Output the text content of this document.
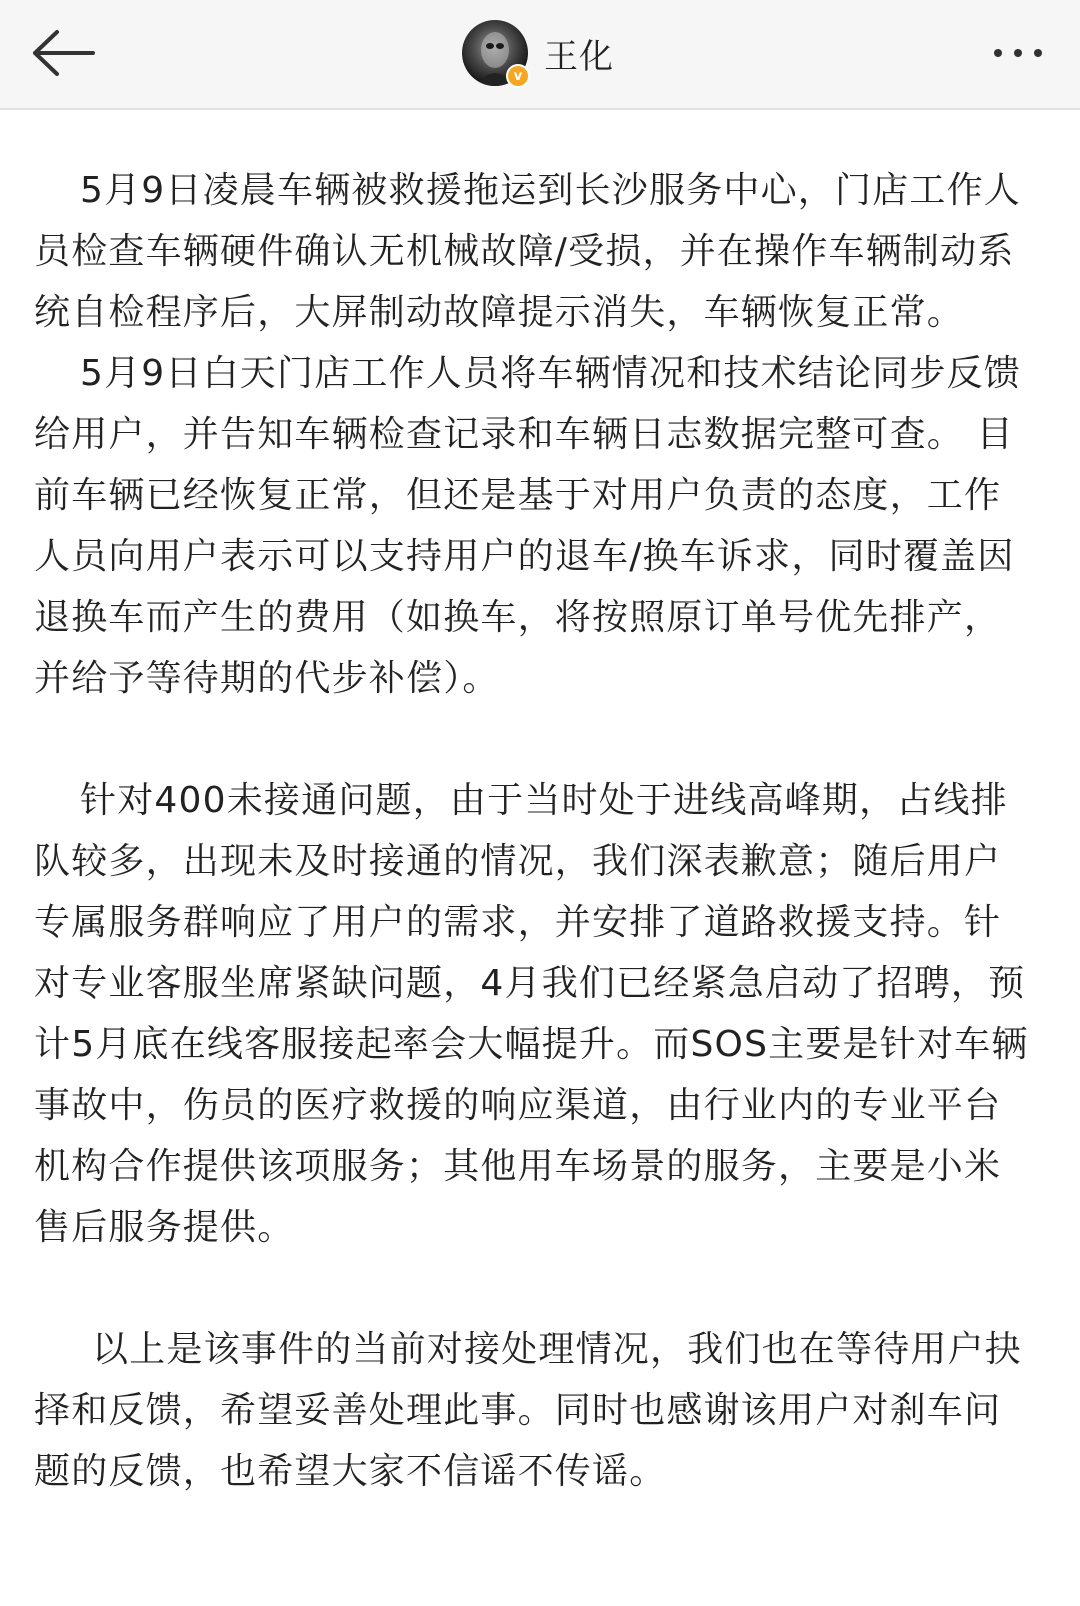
v 王化

5月9日凌晨车辆被救援拖运到长沙服务中心，门店工作人员检查车辆硬件确认无机械故障/受损，并在操作车辆制动系统自检程序后，大屏制动故障提示消失，车辆恢复正常。

5月9日白天门店工作人员将车辆情况和技术结论同步反馈给用户，并告知车辆检查记录和车辆日志数据完整可查。 目前车辆已经恢复正常，但还是基于对用户负责的态度，工作人员向用户表示可以支持用户的退车/换车诉求，同时覆盖因退换车而产生的费用（如换车，将按照原订单号优先排产，并给予等待期的代步补偿）。

针对400未接通问题，由于当时处于进线高峰期，占线排队较多，出现未及时接通的情况，我们深表歉意；随后用户专属服务群响应了用户的需求，并安排了道路救援支持。针对专业客服坐席紧缺问题，4月我们已经紧急启动了招聘，预计5月底在线客服接起率会大幅提升。而SOS主要是针对车辆事故中，伤员的医疗救援的响应渠道，由行业内的专业平台机构合作提供该项服务；其他用车场景的服务，主要是小米售后服务提供。

以上是该事件的当前对接处理情况，我们也在等待用户抉择和反馈，希望妥善处理此事。同时也感谢该用户对刹车问题的反馈，也希望大家不信谣不传谣。
